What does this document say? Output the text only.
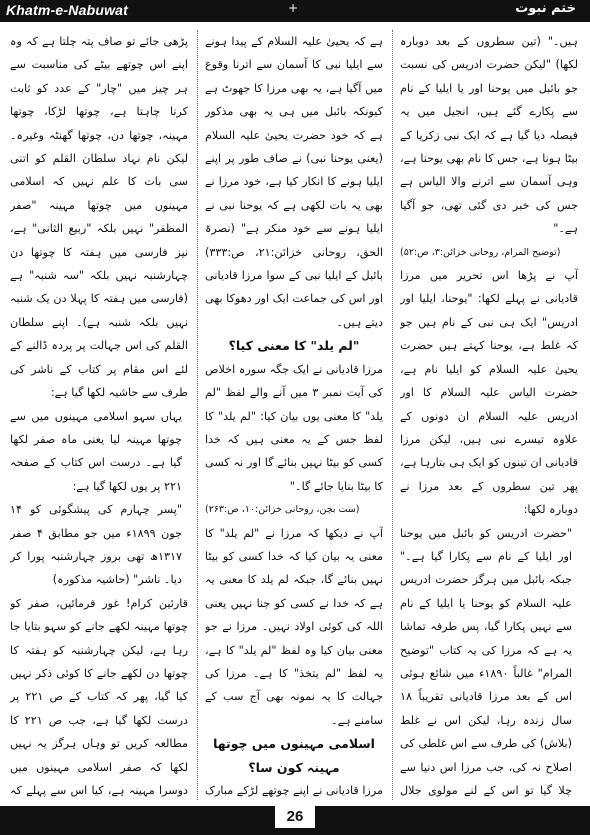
Khatm-e-Nabuwat	+	ختم نبوت

ہیں۔" (تین سطروں کے بعد دوبارہ لکھا) "لیکن حضرت ادریس کی نسبت جو بائبل میں یوحنا اور یا ایلیا کے نام سے پکارے گئے ہیں، انجیل میں یہ فیصلہ دیا گیا ہے کہ ایک نبی زکریا کے بیٹا ہونا ہے، جس کا نام بھی یوحنا ہے، وہی آسمان سے اترنے والا الیاس ہے جس کی خبر دی گئی تھی، جو آگیا ہے۔"

(توضیح المرام، روحانی خزائن:۳، ص:۵۲)

آپ نے پڑھا اس تحریر میں مرزا قادیانی نے پہلے لکھا: "یوحنا، ایلیا اور ادریس" ایک ہی نبی کے نام ہیں جو کہ غلط ہے، یوحنا کہتے ہیں حضرت یحییٰ علیہ السلام کو ایلیا نام ہے، حضرت الیاس علیہ السلام کا اور ادریس علیہ السلام ان دونوں کے علاوہ تیسرے نبی ہیں، لیکن مرزا قادیانی ان تینوں کو ایک ہی بتارہا ہے، پھر تین سطروں کے بعد مرزا نے دوبارہ لکھا:

"حضرت ادریس کو بائبل میں یوحنا اور ایلیا کے نام سے پکارا گیا ہے۔" جبکہ بائبل میں ہرگز حضرت ادریس علیہ السلام کو یوحنا یا ایلیا کے نام سے نہیں پکارا گیا، پس طرفہ تماشا یہ ہے کہ مرزا کی یہ کتاب "توضیح المرام" غالباً ۱۸۹۰ء میں شائع ہوئی اس کے بعد مرزا قادیانی تقریباً ۱۸ سال زندہ رہا، لیکن اس نے غلط (بلاش) کی طرف سے اس غلطی کی اصلاح نہ کی، جب مرزا اس دنیا سے چلا گیا تو اس کے لنے مولوی جلال

ہے کہ یحییٰ علیہ السلام کے پیدا ہونے سے ایلیا نبی کا آسمان سے اترنا وقوع میں آگیا ہے، یہ بھی مرزا کا جھوٹ ہے کیونکہ بائبل میں ہی یہ بھی مذکور ہے کہ خود حضرت یحییٰ علیہ السلام (یعنی یوحنا نبی) نے صاف طور پر اپنے ایلیا ہونے کا انکار کیا ہے، خود مرزا نے بھی یہ بات لکھی ہے کہ یوحنا نبی نے ایلیا ہونے سے خود منکر ہے" (نصرۃ الحق، روحانی خزائن:۲۱، ص:۳۳۳) بائبل کے ایلیا نبی کے سوا مرزا قادیانی اور اس کی جماعت ایک اور دھوکا بھی دیتے ہیں۔

"لم یلد" کا معنی کیا؟

مرزا قادیانی نے ایک جگہ سورہ اخلاص کی آیت نمبر ۳ میں آنے والے لفظ "لم یلد" کا معنی یوں بیان کیا: "لم یلد" کا لفظ جس کے یہ معنی ہیں کہ خدا کسی کو بیٹا نہیں بنائے گا اور نہ کسی کا بیٹا بنایا جائے گا۔"

(ست بچن، روحانی خزائن:۱۰، ص:۲۶۳)

آپ نے دیکھا کہ مرزا نے "لم یلد" کا معنی یہ بیان کیا کہ خدا کسی کو بیٹا نہیں بنائے گا، جبکہ لم یلد کا معنی یہ ہے کہ خدا نے کسی کو جنا نہیں یعنی اللہ کی کوئی اولاد نہیں۔ مرزا نے جو معنی بیان کیا وہ لفظ "لم یلد" کا ہے، یہ لفظ "لم یتخذ" کا ہے۔ مرزا کی جہالت کا یہ نمونہ بھی آج سب کے سامنے ہے۔

اسلامی مہینوں میں چوتھا مہینہ کون سا؟

مرزا قادیانی نے اپنے چوتھے لڑکے مبارک

پڑھی جائے تو صاف پتہ چلتا ہے کہ وہ اپنے اس چوتھے بیٹے کی مناسبت سے ہر چیز میں "چار" کے عدد کو ثابت کرنا چاہتا ہے، چوتھا لڑکا، چوتھا مہینہ، چوتھا دن، چوتھا گھنٹہ وغیرہ۔ لیکن نام نہاد سلطان القلم کو اتنی سی بات کا علم نہیں کہ اسلامی مہینوں میں چوتھا مہینہ "صفر المظفر" نہیں بلکہ "ربیع الثانی" ہے، نیز فارسی میں ہفتہ کا چوتھا دن چہارشنبہ نہیں بلکہ "سہ شنبہ" ہے (فارسی میں ہفتہ کا پہلا دن یک شنبہ نہیں بلکہ شنبہ ہے)۔ اپنے سلطان القلم کی اس جہالت پر پردہ ڈالنے کے لئے اس مقام پر کتاب کے ناشر کی طرف سے حاشیہ لکھا گیا ہے:

یہاں سہو اسلامی مہینوں میں سے چوتھا مہینہ لیا یعنی ماہ صفر لکھا گیا ہے۔ درست اس کتاب کے صفحہ ۲۲۱ پر یوں لکھا گیا ہے:

"پسر چہارم کی پیشگوئی کو ۱۴ جون ۱۸۹۹ء میں جو مطابق ۴ صفر ۱۳۱۷ھ تھی بروز چہارشنبہ پورا کر دیا۔ ناشر" (حاشیہ مذکورہ)

قارئین کرام! غور فرمائیں، صفر کو چوتھا مہینہ لکھے جانے کو سہو بتایا جا رہا ہے، لیکن چہارشنبہ کو ہفتہ کا چوتھا دن لکھے جانے کا کوئی ذکر نہیں کیا گیا، پھر کہ کتاب کے ص ۲۲۱ پر درست لکھا گیا ہے، جب ص ۲۲۱ کا مطالعہ کریں تو وہاں ہرگز یہ نہیں لکھا کہ صفر اسلامی مہینوں میں دوسرا مہینہ ہے، کیا اس سے پہلے کہ

26
